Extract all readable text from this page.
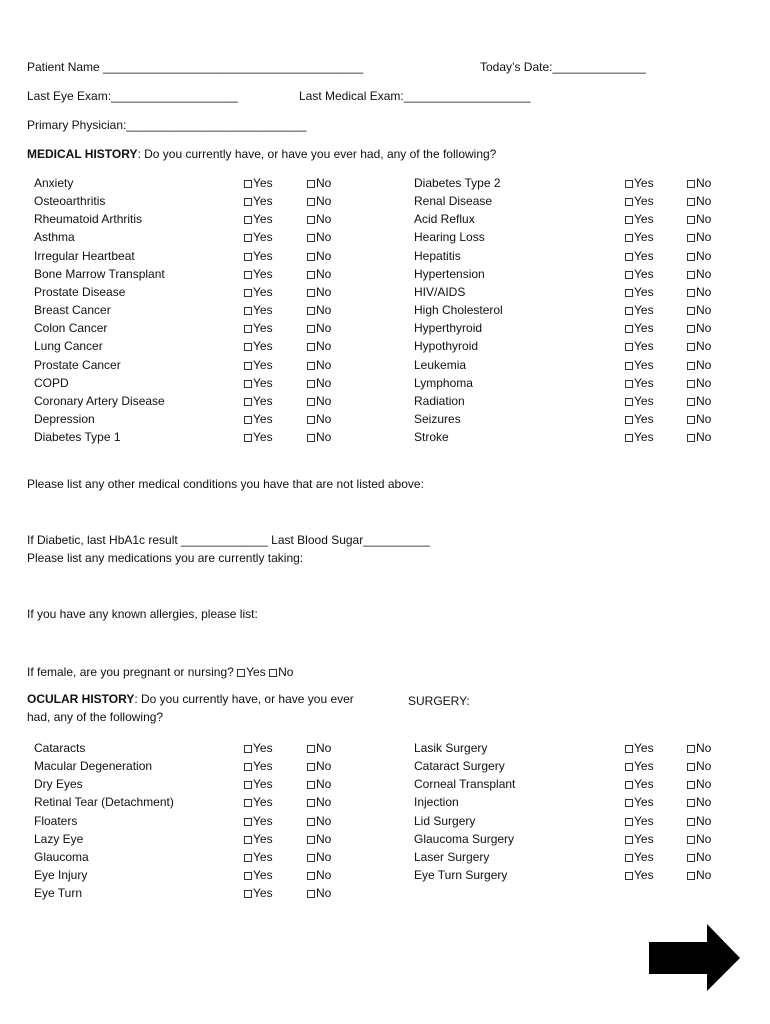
Patient Name _______________________________________	Today’s Date:______________
Last Eye Exam:___________________	Last Medical Exam:___________________
Primary Physician:___________________________
MEDICAL HISTORY: Do you currently have, or have you ever had, any of the following?
Anxiety	Yes	No
Osteoarthritis	Yes	No
Rheumatoid Arthritis	Yes	No
Asthma	Yes	No
Irregular Heartbeat	Yes	No
Bone Marrow Transplant	Yes	No
Prostate Disease	Yes	No
Breast Cancer	Yes	No
Colon Cancer	Yes	No
Lung Cancer	Yes	No
Prostate Cancer	Yes	No
COPD	Yes	No
Coronary Artery Disease	Yes	No
Depression	Yes	No
Diabetes Type 1	Yes	No
Diabetes Type 2	Yes	No
Renal Disease	Yes	No
Acid Reflux	Yes	No
Hearing Loss	Yes	No
Hepatitis	Yes	No
Hypertension	Yes	No
HIV/AIDS	Yes	No
High Cholesterol	Yes	No
Hyperthyroid	Yes	No
Hypothyroid	Yes	No
Leukemia	Yes	No
Lymphoma	Yes	No
Radiation	Yes	No
Seizures	Yes	No
Stroke	Yes	No
Please list any other medical conditions you have that are not listed above:
If Diabetic, last HbA1c result _____________ Last Blood Sugar__________
Please list any medications you are currently taking:
If you have any known allergies, please list:
If female, are you pregnant or nursing? Yes No
OCULAR HISTORY: Do you currently have, or have you ever had, any of the following?
SURGERY:
Cataracts	Yes	No
Macular Degeneration	Yes	No
Dry Eyes	Yes	No
Retinal Tear (Detachment)	Yes	No
Floaters	Yes	No
Lazy Eye	Yes	No
Glaucoma	Yes	No
Eye Injury	Yes	No
Eye Turn	Yes	No
Lasik Surgery	Yes	No
Cataract Surgery	Yes	No
Corneal Transplant	Yes	No
Injection	Yes	No
Lid Surgery	Yes	No
Glaucoma Surgery	Yes	No
Laser Surgery	Yes	No
Eye Turn Surgery	Yes	No
